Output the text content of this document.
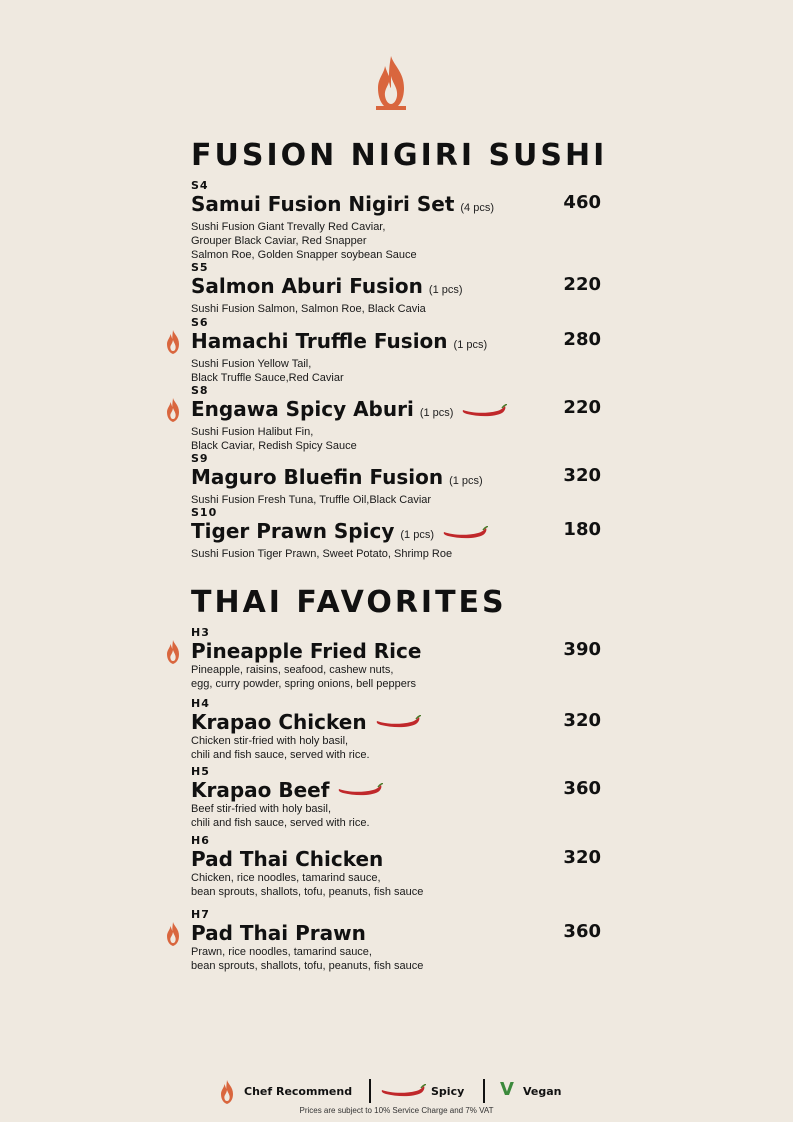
FUSION NIGIRI SUSHI
S4
Samui Fusion Nigiri Set (4 pcs)	460
Sushi Fusion Giant Trevally Red Caviar,
Grouper Black Caviar, Red Snapper
Salmon Roe, Golden Snapper soybean Sauce
S5
Salmon Aburi Fusion (1 pcs)	220
Sushi Fusion Salmon, Salmon Roe, Black Cavia
S6
Hamachi Truffle Fusion (1 pcs)	280
Sushi Fusion Yellow Tail,
Black Truffle Sauce,Red Caviar
S8
Engawa Spicy Aburi (1 pcs)	220
Sushi Fusion Halibut Fin,
Black Caviar, Redish Spicy Sauce
S9
Maguro Bluefin Fusion (1 pcs)	320
Sushi Fusion Fresh Tuna, Truffle Oil,Black Caviar
S10
Tiger Prawn Spicy (1 pcs)	180
Sushi Fusion Tiger Prawn, Sweet Potato, Shrimp Roe
THAI FAVORITES
H3
Pineapple Fried Rice	390
Pineapple, raisins, seafood, cashew nuts,
egg, curry powder, spring onions, bell peppers
H4
Krapao Chicken	320
Chicken stir-fried with holy basil,
chili and fish sauce, served with rice.
H5
Krapao Beef	360
Beef stir-fried with holy basil,
chili and fish sauce, served with rice.
H6
Pad Thai Chicken	320
Chicken, rice noodles, tamarind sauce,
bean sprouts, shallots, tofu, peanuts, fish sauce
H7
Pad Thai Prawn	360
Prawn, rice noodles, tamarind sauce,
bean sprouts, shallots, tofu, peanuts, fish sauce
Chef Recommend	Spicy V Vegan
Prices are subject to 10% Service Charge and 7% VAT
